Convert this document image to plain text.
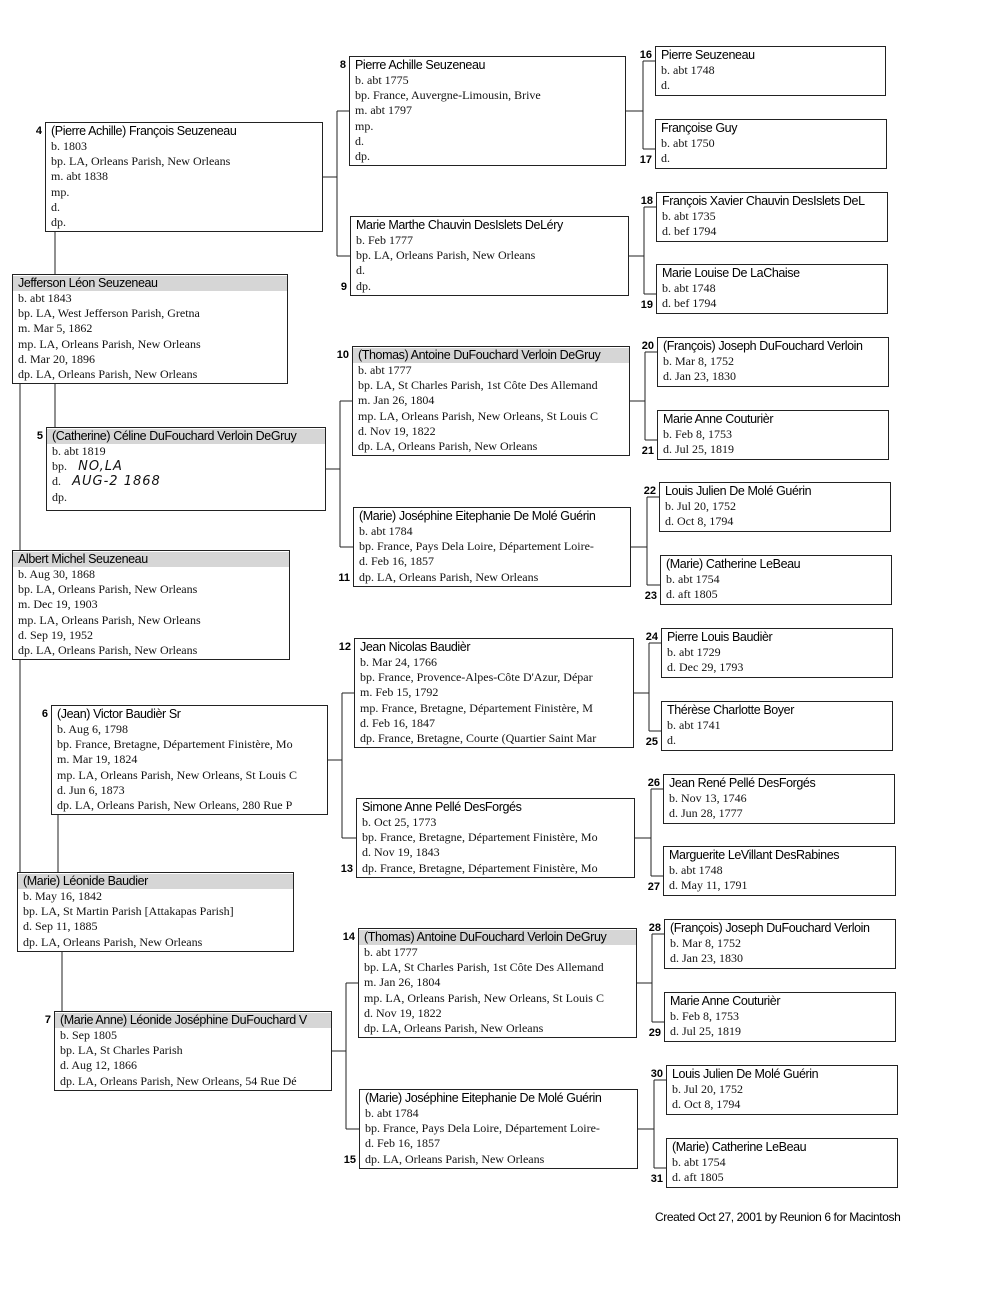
Created Oct 27, 2001 by Reunion 6 for Macintosh
Jefferson Léon Seuzeneau
b. abt 1843
bp. LA, West Jefferson Parish, Gretna
m. Mar 5, 1862
mp. LA, Orleans Parish, New Orleans
d. Mar 20, 1896
dp. LA, Orleans Parish, New Orleans
Albert Michel Seuzeneau
b. Aug 30, 1868
bp. LA, Orleans Parish, New Orleans
m. Dec 19, 1903
mp. LA, Orleans Parish, New Orleans
d. Sep 19, 1952
dp. LA, Orleans Parish, New Orleans
(Marie) Léonide Baudier
b. May 16, 1842
bp. LA, St Martin Parish [Attakapas Parish]
d. Sep 11, 1885
dp. LA, Orleans Parish, New Orleans
(Pierre Achille) François Seuzeneau
b. 1803
bp. LA, Orleans Parish, New Orleans
m. abt 1838
mp.
d.
dp.
4
(Catherine) Céline DuFouchard Verloin DeGruy
b. abt 1819
bp. NO,LA
d. AUG-2 1868
dp.
5
(Jean) Victor Baudièr Sr
b. Aug 6, 1798
bp. France, Bretagne, Département Finistère, Mo
m. Mar 19, 1824
mp. LA, Orleans Parish, New Orleans, St Louis C
d. Jun 6, 1873
dp. LA, Orleans Parish, New Orleans, 280 Rue P
6
(Marie Anne) Léonide Joséphine DuFouchard V
b. Sep 1805
bp. LA, St Charles Parish
d. Aug 12, 1866
dp. LA, Orleans Parish, New Orleans, 54 Rue Dé
7
Pierre Achille Seuzeneau
b. abt 1775
bp. France, Auvergne-Limousin, Brive
m. abt 1797
mp.
d.
dp.
8
Marie Marthe Chauvin DesIslets DeLéry
b. Feb 1777
bp. LA, Orleans Parish, New Orleans
d.
dp.
9
(Thomas) Antoine DuFouchard Verloin DeGruy
b. abt 1777
bp. LA, St Charles Parish, 1st Côte Des Allemand
m. Jan 26, 1804
mp. LA, Orleans Parish, New Orleans, St Louis C
d. Nov 19, 1822
dp. LA, Orleans Parish, New Orleans
10
(Marie) Joséphine Eitephanie De Molé Guérin
b. abt 1784
bp. France, Pays Dela Loire, Département Loire-
d. Feb 16, 1857
dp. LA, Orleans Parish, New Orleans
11
Jean Nicolas Baudièr
b. Mar 24, 1766
bp. France, Provence-Alpes-Côte D'Azur, Dépar
m. Feb 15, 1792
mp. France, Bretagne, Département Finistère, M
d. Feb 16, 1847
dp. France, Bretagne, Courte (Quartier Saint Mar
12
Simone Anne Pellé DesForgés
b. Oct 25, 1773
bp. France, Bretagne, Département Finistère, Mo
d. Nov 19, 1843
dp. France, Bretagne, Département Finistère, Mo
13
(Thomas) Antoine DuFouchard Verloin DeGruy
b. abt 1777
bp. LA, St Charles Parish, 1st Côte Des Allemand
m. Jan 26, 1804
mp. LA, Orleans Parish, New Orleans, St Louis C
d. Nov 19, 1822
dp. LA, Orleans Parish, New Orleans
14
(Marie) Joséphine Eitephanie De Molé Guérin
b. abt 1784
bp. France, Pays Dela Loire, Département Loire-
d. Feb 16, 1857
dp. LA, Orleans Parish, New Orleans
15
Pierre Seuzeneau
b. abt 1748
d.
16
Françoise Guy
b. abt 1750
d.
17
François Xavier Chauvin DesIslets DeL
b. abt 1735
d. bef 1794
18
Marie Louise De LaChaise
b. abt 1748
d. bef 1794
19
(François) Joseph DuFouchard Verloin
b. Mar 8, 1752
d. Jan 23, 1830
20
Marie Anne Couturièr
b. Feb 8, 1753
d. Jul 25, 1819
21
Louis Julien De Molé Guérin
b. Jul 20, 1752
d. Oct 8, 1794
22
(Marie) Catherine LeBeau
b. abt 1754
d. aft 1805
23
Pierre Louis Baudièr
b. abt 1729
d. Dec 29, 1793
24
Thérèse Charlotte Boyer
b. abt 1741
d.
25
Jean René Pellé DesForgés
b. Nov 13, 1746
d. Jun 28, 1777
26
Marguerite LeVillant DesRabines
b. abt 1748
d. May 11, 1791
27
(François) Joseph DuFouchard Verloin
b. Mar 8, 1752
d. Jan 23, 1830
28
Marie Anne Couturièr
b. Feb 8, 1753
d. Jul 25, 1819
29
Louis Julien De Molé Guérin
b. Jul 20, 1752
d. Oct 8, 1794
30
(Marie) Catherine LeBeau
b. abt 1754
d. aft 1805
31
